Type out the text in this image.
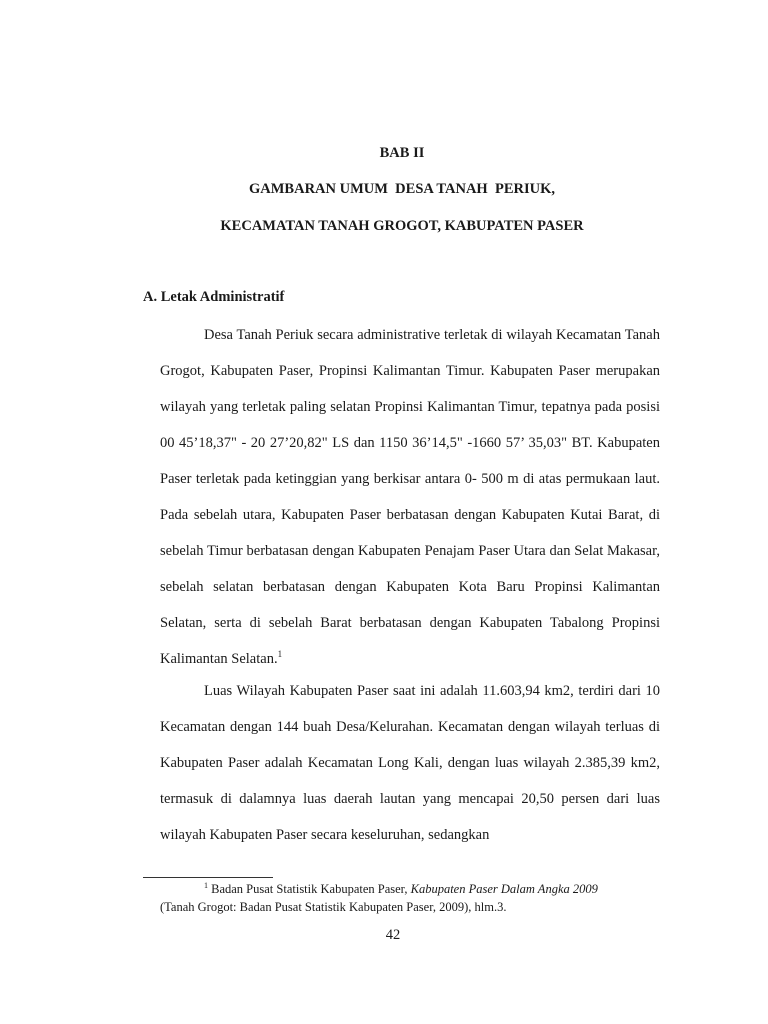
BAB II
GAMBARAN UMUM  DESA TANAH  PERIUK,
KECAMATAN TANAH GROGOT, KABUPATEN PASER
A. Letak Administratif

Desa Tanah Periuk secara administrative terletak di wilayah Kecamatan Tanah Grogot, Kabupaten Paser, Propinsi Kalimantan Timur. Kabupaten Paser merupakan wilayah yang terletak paling selatan Propinsi Kalimantan Timur, tepatnya pada posisi 00 45’18,37" - 20 27’20,82" LS dan 1150 36’14,5" -1660 57’ 35,03" BT. Kabupaten Paser terletak pada ketinggian yang berkisar antara 0- 500 m di atas permukaan laut. Pada sebelah utara, Kabupaten Paser berbatasan dengan Kabupaten Kutai Barat, di sebelah Timur berbatasan dengan Kabupaten Penajam Paser Utara dan Selat Makasar, sebelah selatan berbatasan dengan Kabupaten Kota Baru Propinsi Kalimantan Selatan, serta di sebelah Barat berbatasan dengan Kabupaten Tabalong Propinsi Kalimantan Selatan.$^1$

Luas Wilayah Kabupaten Paser saat ini adalah 11.603,94 km2, terdiri dari 10 Kecamatan dengan 144 buah Desa/Kelurahan. Kecamatan dengan wilayah terluas di Kabupaten Paser adalah Kecamatan Long Kali, dengan luas wilayah 2.385,39 km2, termasuk di dalamnya luas daerah lautan yang mencapai 20,50 persen dari luas wilayah Kabupaten Paser secara keseluruhan, sedangkan

$^1$ Badan Pusat Statistik Kabupaten Paser, Kabupaten Paser Dalam Angka 2009
(Tanah Grogot: Badan Pusat Statistik Kabupaten Paser, 2009), hlm.3.

42
